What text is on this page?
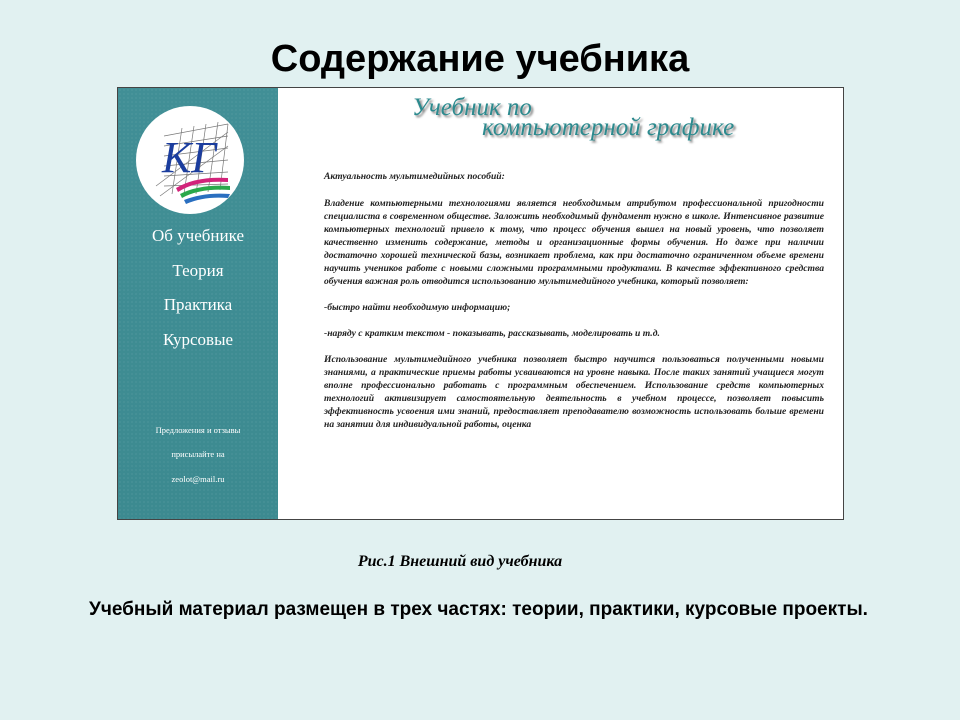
Содержание учебника
КГ
Об учебнике
Теория
Практика
Курсовые
Предложения и отзывы
присылайте на
zeolot@mail.ru
Учебник по
компьютерной графике

Актуальность мультимедийных пособий:

Владение компьютерными технологиями является необходимым атрибутом профессиональной пригодности специалиста в современном обществе. Заложить необходимый фундамент нужно в школе. Интенсивное развитие компьютерных технологий привело к тому, что процесс обучения вышел на новый уровень, что позволяет качественно изменить содержание, методы и организационные формы обучения. Но даже при наличии достаточно хорошей технической базы, возникает проблема, как при достаточно ограниченном объеме времени научить учеников работе с новыми сложными программными продуктами. В качестве эффективного средства обучения важная роль отводится использованию мультимедийного учебника, который позволяет:

-быстро найти необходимую информацию;

-наряду с кратким текстом - показывать, рассказывать, моделировать и т.д.

Использование мультимедийного учебника позволяет быстро научится пользоваться полученными новыми знаниями, а практические приемы работы усваиваются на уровне навыка. После таких занятий учащиеся могут вполне профессионально работать с программным обеспечением. Использование средств компьютерных технологий активизирует самостоятельную деятельность в учебном процессе, позволяет повысить эффективность усвоения ими знаний, предоставляет преподавателю возможность использовать больше времени на занятии для индивидуальной работы, оценка

Рис.1 Внешний вид учебника
Учебный материал размещен в трех частях: теории, практики, курсовые проекты.
